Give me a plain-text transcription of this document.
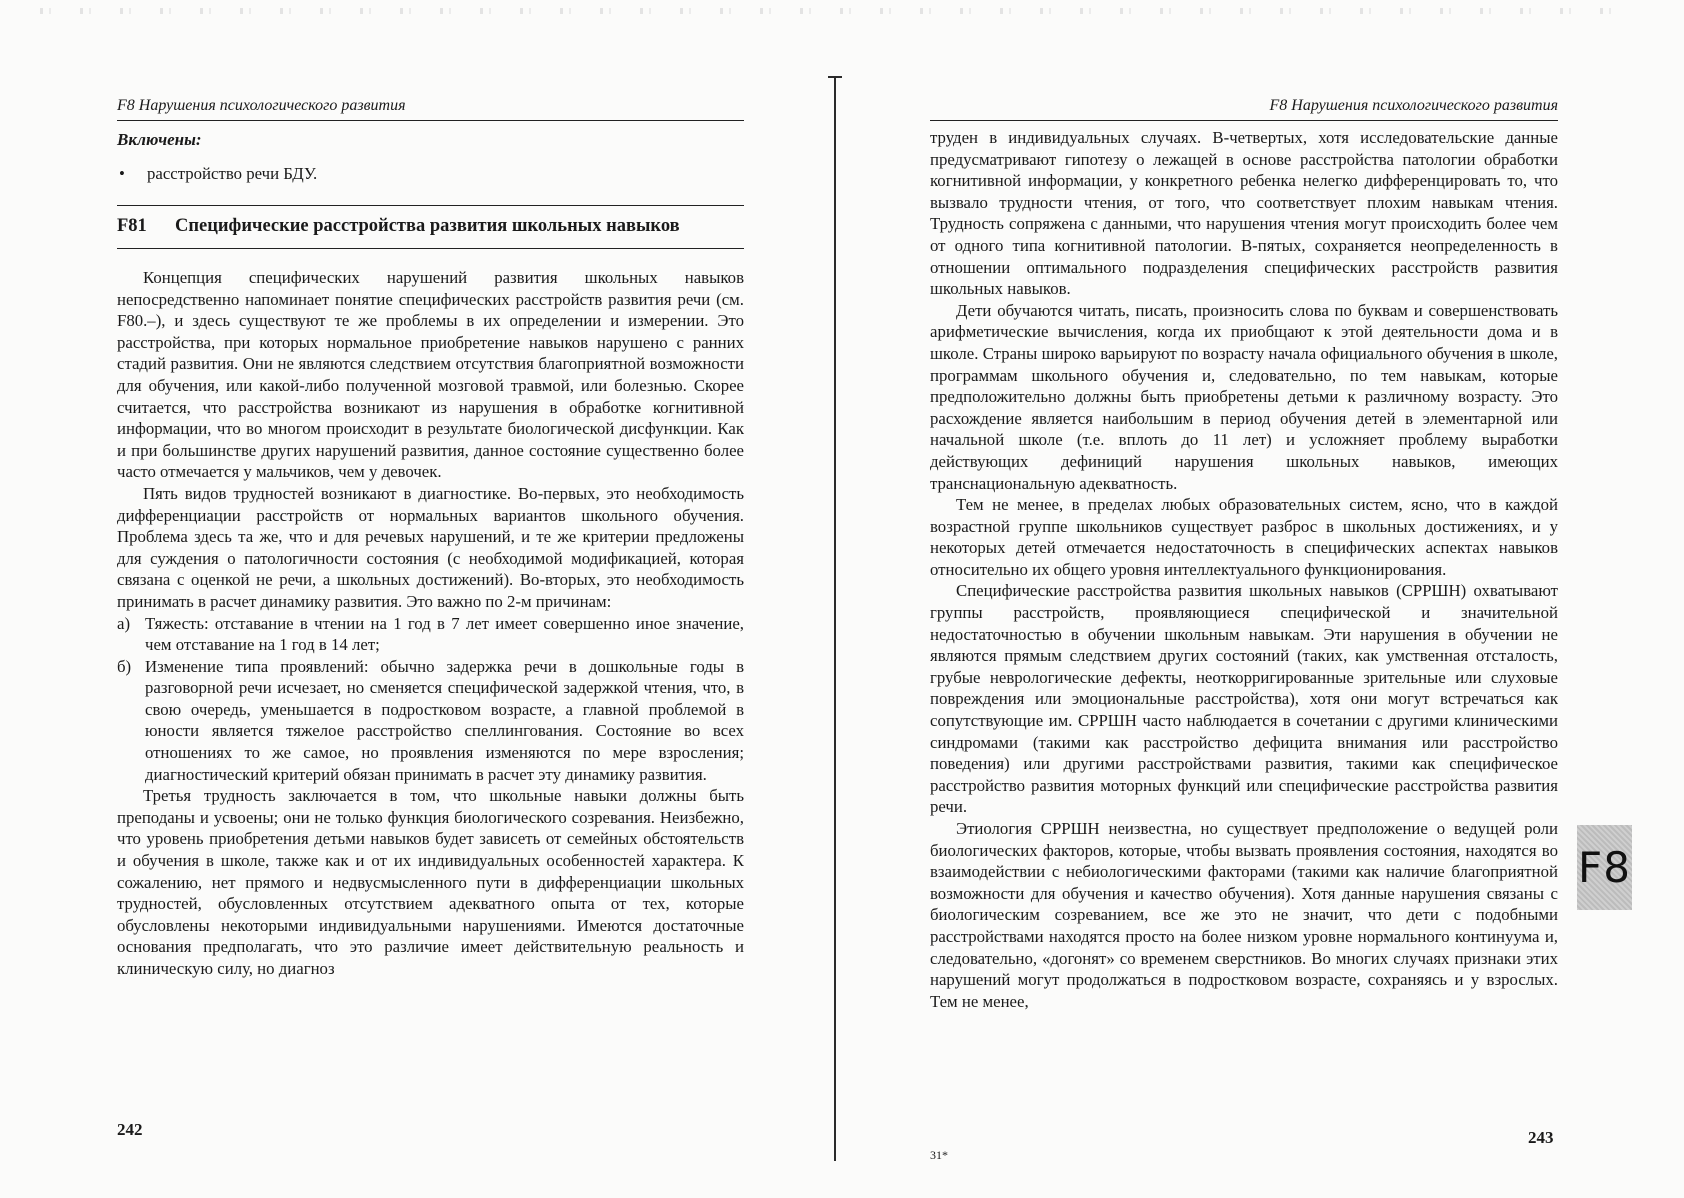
F8 Нарушения психологического развития
Включены:
•	расстройство речи БДУ.
F81	Специфические расстройства развития школьных навыков

Концепция специфических нарушений развития школьных навыков непосредственно напоминает понятие специфических расстройств развития речи (см. F80.–), и здесь существуют те же проблемы в их определении и измерении. Это расстройства, при которых нормальное приобретение навыков нарушено с ранних стадий развития. Они не являются следствием отсутствия благоприятной возможности для обучения, или какой-либо полученной мозговой травмой, или болезнью. Скорее считается, что расстройства возникают из нарушения в обработке когнитивной информации, что во многом происходит в результате биологической дисфункции. Как и при большинстве других нарушений развития, данное состояние существенно более часто отмечается у мальчиков, чем у девочек.

Пять видов трудностей возникают в диагностике. Во-первых, это необходимость дифференциации расстройств от нормальных вариантов школьного обучения. Проблема здесь та же, что и для речевых нарушений, и те же критерии предложены для суждения о патологичности состояния (с необходимой модификацией, которая связана с оценкой не речи, а школьных достижений). Во-вторых, это необходимость принимать в расчет динамику развития. Это важно по 2-м причинам:

а) Тяжесть: отставание в чтении на 1 год в 7 лет имеет совершенно иное значение, чем отставание на 1 год в 14 лет;
б) Изменение типа проявлений: обычно задержка речи в дошкольные годы в разговорной речи исчезает, но сменяется специфической задержкой чтения, что, в свою очередь, уменьшается в подростковом возрасте, а главной проблемой в юности является тяжелое расстройство спеллингования. Состояние во всех отношениях то же самое, но проявления изменяются по мере взросления; диагностический критерий обязан принимать в расчет эту динамику развития.

Третья трудность заключается в том, что школьные навыки должны быть преподаны и усвоены; они не только функция биологического созревания. Неизбежно, что уровень приобретения детьми навыков будет зависеть от семейных обстоятельств и обучения в школе, также как и от их индивидуальных особенностей характера. К сожалению, нет прямого и недвусмысленного пути в дифференциации школьных трудностей, обусловленных отсутствием адекватного опыта от тех, которые обусловлены некоторыми индивидуальными нарушениями. Имеются достаточные основания предполагать, что это различие имеет действительную реальность и клиническую силу, но диагноз

242
F8 Нарушения психологического развития

труден в индивидуальных случаях. В-четвертых, хотя исследовательские данные предусматривают гипотезу о лежащей в основе расстройства патологии обработки когнитивной информации, у конкретного ребенка нелегко дифференцировать то, что вызвало трудности чтения, от того, что соответствует плохим навыкам чтения. Трудность сопряжена с данными, что нарушения чтения могут происходить более чем от одного типа когнитивной патологии. В-пятых, сохраняется неопределенность в отношении оптимального подразделения специфических расстройств развития школьных навыков.

Дети обучаются читать, писать, произносить слова по буквам и совершенствовать арифметические вычисления, когда их приобщают к этой деятельности дома и в школе. Страны широко варьируют по возрасту начала официального обучения в школе, программам школьного обучения и, следовательно, по тем навыкам, которые предположительно должны быть приобретены детьми к различному возрасту. Это расхождение является наибольшим в период обучения детей в элементарной или начальной школе (т.е. вплоть до 11 лет) и усложняет проблему выработки действующих дефиниций нарушения школьных навыков, имеющих транснациональную адекватность.

Тем не менее, в пределах любых образовательных систем, ясно, что в каждой возрастной группе школьников существует разброс в школьных достижениях, и у некоторых детей отмечается недостаточность в специфических аспектах навыков относительно их общего уровня интеллектуального функционирования.

Специфические расстройства развития школьных навыков (СРРШН) охватывают группы расстройств, проявляющиеся специфической и значительной недостаточностью в обучении школьным навыкам. Эти нарушения в обучении не являются прямым следствием других состояний (таких, как умственная отсталость, грубые неврологические дефекты, неоткорригированные зрительные или слуховые повреждения или эмоциональные расстройства), хотя они могут встречаться как сопутствующие им. СРРШН часто наблюдается в сочетании с другими клиническими синдромами (такими как расстройство дефицита внимания или расстройство поведения) или другими расстройствами развития, такими как специфическое расстройство развития моторных функций или специфические расстройства развития речи.

Этиология СРРШН неизвестна, но существует предположение о ведущей роли биологических факторов, которые, чтобы вызвать проявления состояния, находятся во взаимодействии с небиологическими факторами (такими как наличие благоприятной возможности для обучения и качество обучения). Хотя данные нарушения связаны с биологическим созреванием, все же это не значит, что дети с подобными расстройствами находятся просто на более низком уровне нормального континуума и, следовательно, «догонят» со временем сверстников. Во многих случаях признаки этих нарушений могут продолжаться в подростковом возрасте, сохраняясь и у взрослых. Тем не менее,

31*
243
F8
